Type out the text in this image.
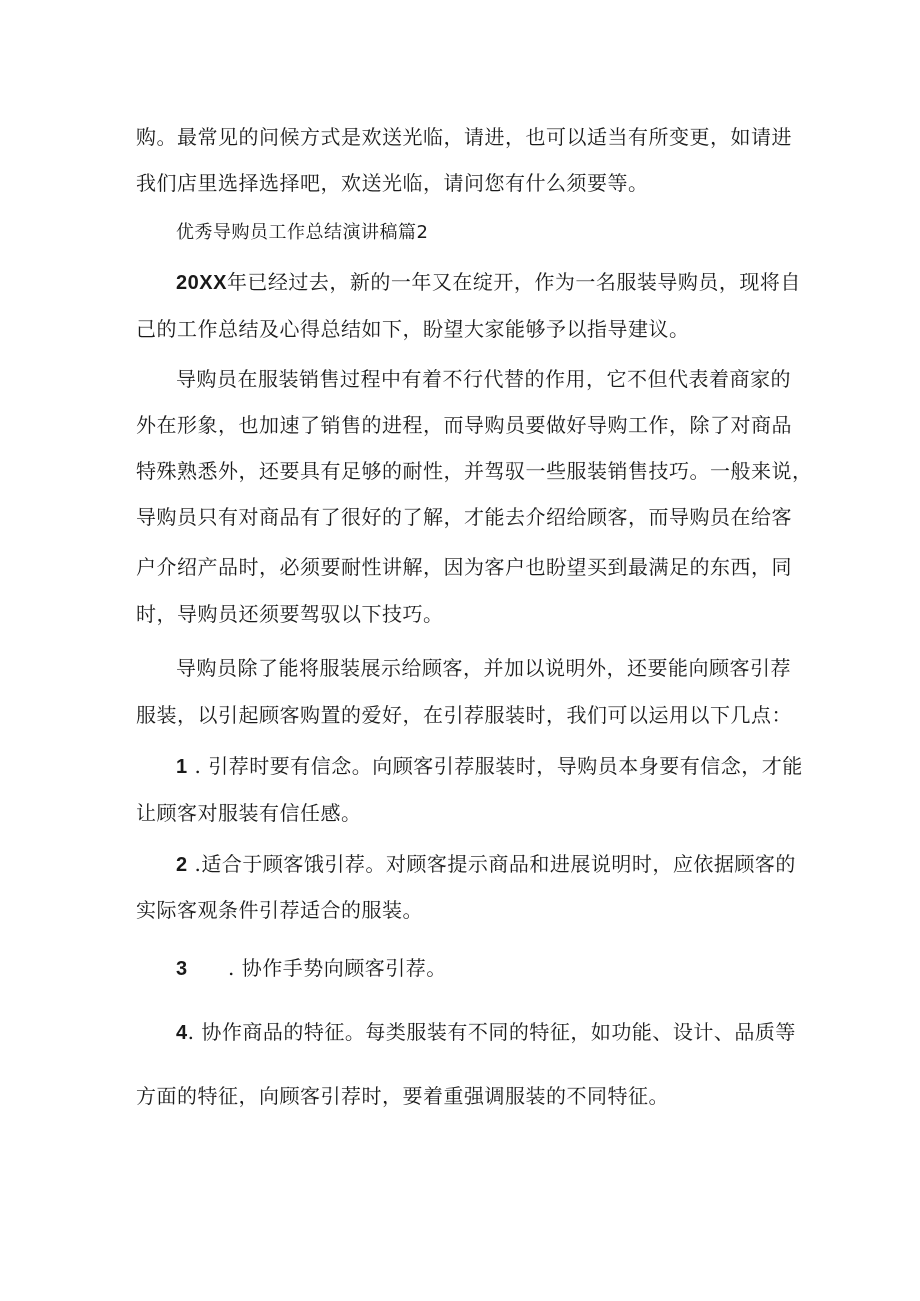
购。最常见的问候方式是欢送光临，请进，也可以适当有所变更，如请进
我们店里选择选择吧，欢送光临，请问您有什么须要等。
优秀导购员工作总结演讲稿篇2
20XX年已经过去，新的一年又在绽开，作为一名服装导购员，现将自
己的工作总结及心得总结如下，盼望大家能够予以指导建议。
导购员在服装销售过程中有着不行代替的作用，它不但代表着商家的
外在形象，也加速了销售的进程，而导购员要做好导购工作，除了对商品
特殊熟悉外，还要具有足够的耐性，并驾驭一些服装销售技巧。一般来说，
导购员只有对商品有了很好的了解，才能去介绍给顾客，而导购员在给客
户介绍产品时，必须要耐性讲解，因为客户也盼望买到最满足的东西，同
时，导购员还须要驾驭以下技巧。
导购员除了能将服装展示给顾客，并加以说明外，还要能向顾客引荐
服装，以引起顾客购置的爱好，在引荐服装时，我们可以运用以下几点：
1 . 引荐时要有信念。向顾客引荐服装时，导购员本身要有信念，才能
让顾客对服装有信任感。
2 .适合于顾客饿引荐。对顾客提示商品和进展说明时，应依据顾客的
实际客观条件引荐适合的服装。
3 . 协作手势向顾客引荐。
4. 协作商品的特征。每类服装有不同的特征，如功能、设计、品质等
方面的特征，向顾客引荐时，要着重强调服装的不同特征。
